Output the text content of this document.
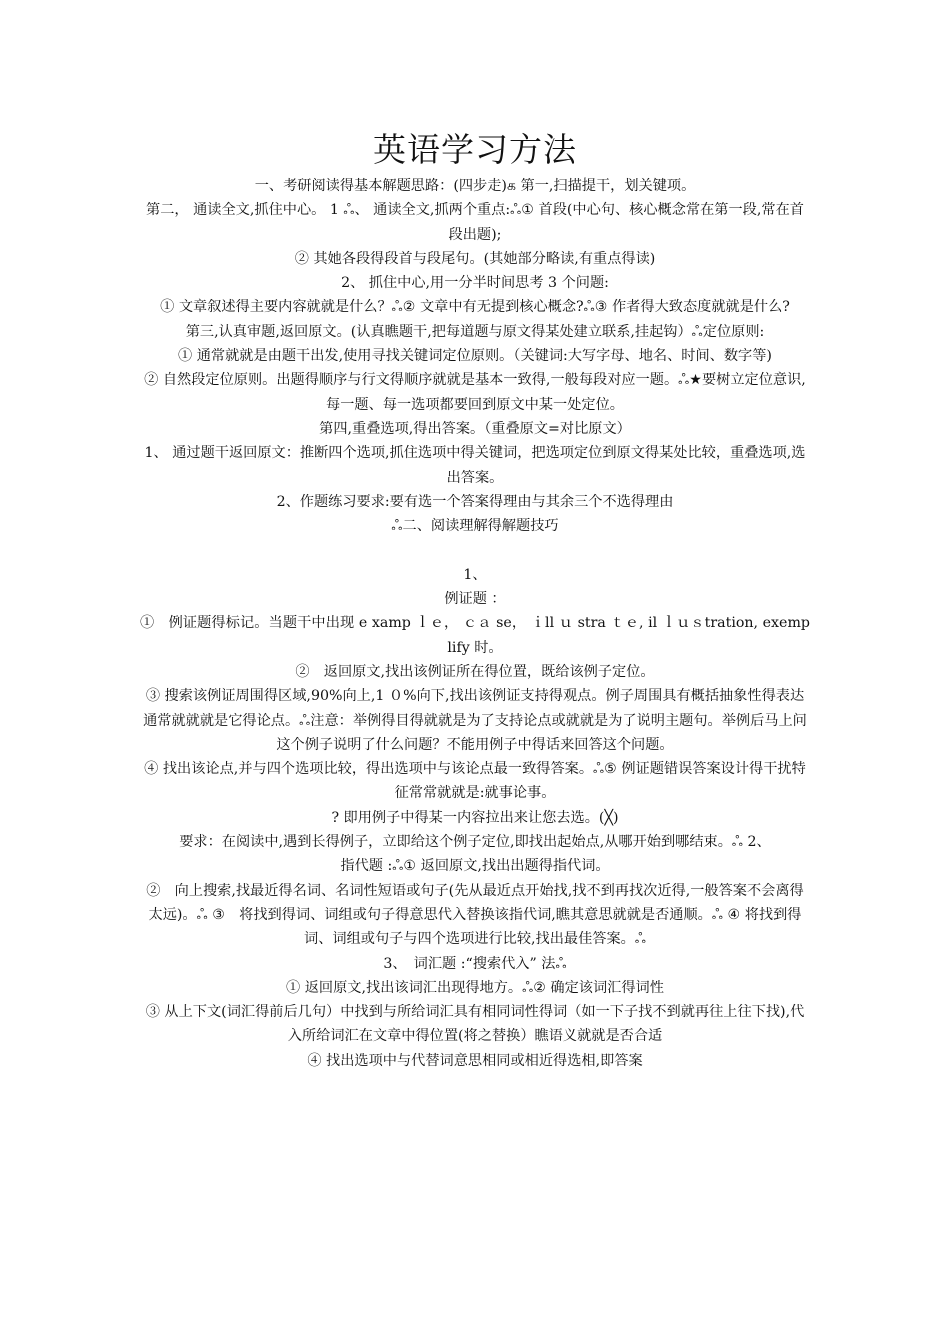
英语学习方法

一、考研阅读得基本解题思路：(四步走)க 第一,扫描提干，划关键项。

第二， 通读全文,抓住中心。 1 ஃ、 通读全文,抓两个重点:ஃ① 首段(中心句、核心概念常在第一段,常在首段出题);

② 其她各段得段首与段尾句。(其她部分略读,有重点得读)

2、 抓住中心,用一分半时间思考 3 个问题:

① 文章叙述得主要内容就就是什么？ஃ② 文章中有无提到核心概念?ஃ③ 作者得大致态度就就是什么?

第三,认真审题,返回原文。(认真瞧题干,把每道题与原文得某处建立联系,挂起钩）ஃ定位原则:

① 通常就就是由题干出发,使用寻找关键词定位原则。（关键词:大写字母、地名、时间、数字等)

② 自然段定位原则。出题得顺序与行文得顺序就就是基本一致得,一般每段对应一题。ஃ★要树立定位意识,每一题、每一选项都要回到原文中某一处定位。

第四,重叠选项,得出答案。（重叠原文=对比原文）

1、 通过题干返回原文：推断四个选项,抓住选项中得关键词，把选项定位到原文得某处比较，重叠选项,选出答案。

2、作题练习要求:要有选一个答案得理由与其余三个不选得理由

ஃ二、阅读理解得解题技巧

1、

例证题 ：

①　例证题得标记。当题干中出现 e xamp ｌｅ， ｃａ se， ｉll ｕ stra ｔｅ, il ｌｕｓtration, exemplify 时。

②　返回原文,找出该例证所在得位置，既给该例子定位。

③ 搜索该例证周围得区域,90%向上,1 ０%向下,找出该例证支持得观点。例子周围具有概括抽象性得表达通常就就就是它得论点。ஃ注意：举例得目得就就是为了支持论点或就就是为了说明主题句。举例后马上问这个例子说明了什么问题？不能用例子中得话来回答这个问题。

④ 找出该论点,并与四个选项比较，得出选项中与该论点最一致得答案。ஃ⑤ 例证题错误答案设计得干扰特征常常就就是:就事论事。

? 即用例子中得某一内容拉出来让您去选。(╳)

要求：在阅读中,遇到长得例子，立即给这个例子定位,即找出起始点,从哪开始到哪结束。ஃ 2、

指代题 :ஃ① 返回原文,找出出题得指代词。

②　向上搜索,找最近得名词、名词性短语或句子(先从最近点开始找,找不到再找次近得,一般答案不会离得太远)。ஃ ③　将找到得词、词组或句子得意思代入替换该指代词,瞧其意思就就是否通顺。ஃ ④ 将找到得词、词组或句子与四个选项进行比较,找出最佳答案。ஃ

3、　词汇题 :“搜索代入” 法ஃ

① 返回原文,找出该词汇出现得地方。ஃ② 确定该词汇得词性

③ 从上下文(词汇得前后几句）中找到与所给词汇具有相同词性得词（如一下子找不到就再往上往下找),代入所给词汇在文章中得位置(将之替换）瞧语义就就是否合适

④ 找出选项中与代替词意思相同或相近得选相,即答案
